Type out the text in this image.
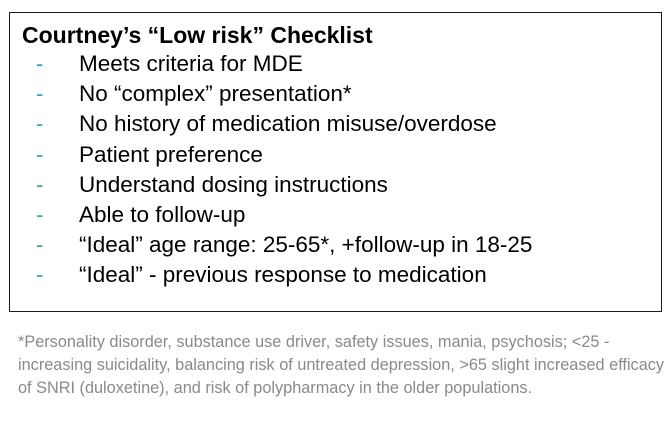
Courtney’s “Low risk” Checklist
- Meets criteria for MDE
- No “complex” presentation*
- No history of medication misuse/overdose
- Patient preference
- Understand dosing instructions
- Able to follow-up
- “Ideal” age range: 25-65*, +follow-up in 18-25
- “Ideal” - previous response to medication

*Personality disorder, substance use driver, safety issues, mania, psychosis; <25 - increasing suicidality, balancing risk of untreated depression, >65 slight increased efficacy of SNRI (duloxetine), and risk of polypharmacy in the older populations.
